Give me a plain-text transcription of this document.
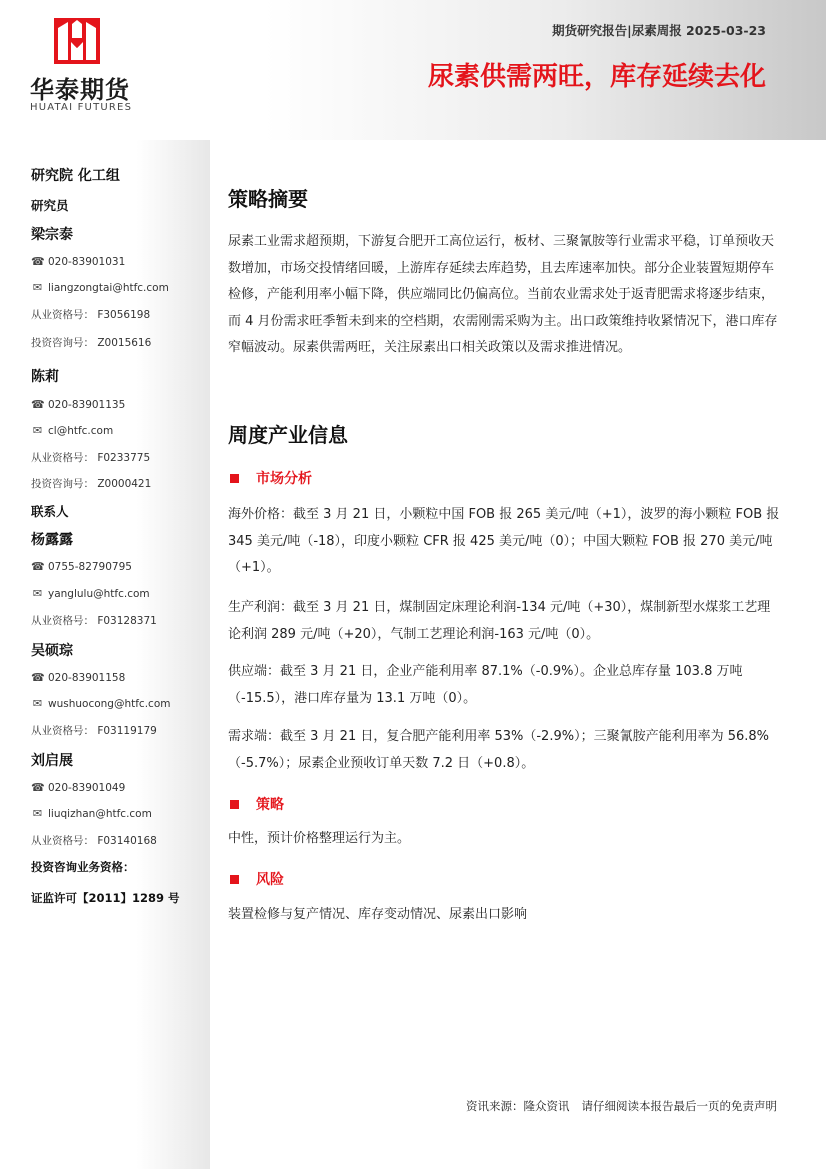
华泰期货
HUATAI FUTURES
期货研究报告|尿素周报 2025-03-23
尿素供需两旺，库存延续去化
研究院 化工组
研究员
梁宗泰
☎ 020-83901031
✉ liangzongtai@htfc.com
从业资格号： F3056198
投资咨询号： Z0015616
陈莉
☎ 020-83901135
✉ cl@htfc.com
从业资格号： F0233775
投资咨询号： Z0000421
联系人
杨露露
☎ 0755-82790795
✉ yanglulu@htfc.com
从业资格号： F03128371
吴硕琮
☎ 020-83901158
✉ wushuocong@htfc.com
从业资格号： F03119179
刘启展
☎ 020-83901049
✉ liuqizhan@htfc.com
从业资格号： F03140168
投资咨询业务资格：
证监许可【2011】1289 号
策略摘要
尿素工业需求超预期，下游复合肥开工高位运行，板材、三聚氰胺等行业需求平稳，订单预收天数增加，市场交投情绪回暖，上游库存延续去库趋势，且去库速率加快。部分企业装置短期停车检修，产能利用率小幅下降，供应端同比仍偏高位。当前农业需求处于返青肥需求将逐步结束，而 4 月份需求旺季暂未到来的空档期，农需刚需采购为主。出口政策维持收紧情况下，港口库存窄幅波动。尿素供需两旺，关注尿素出口相关政策以及需求推进情况。
周度产业信息
市场分析
海外价格：截至 3 月 21 日，小颗粒中国 FOB 报 265 美元/吨（+1），波罗的海小颗粒 FOB 报 345 美元/吨（-18），印度小颗粒 CFR 报 425 美元/吨（0）；中国大颗粒 FOB 报 270 美元/吨（+1）。
生产利润：截至 3 月 21 日，煤制固定床理论利润-134 元/吨（+30），煤制新型水煤浆工艺理论利润 289 元/吨（+20），气制工艺理论利润-163 元/吨（0）。
供应端：截至 3 月 21 日，企业产能利用率 87.1%（-0.9%）。企业总库存量 103.8 万吨（-15.5），港口库存量为 13.1 万吨（0）。
需求端：截至 3 月 21 日，复合肥产能利用率 53%（-2.9%）；三聚氰胺产能利用率为 56.8%（-5.7%）；尿素企业预收订单天数 7.2 日（+0.8）。
策略
中性，预计价格整理运行为主。
风险
装置检修与复产情况、库存变动情况、尿素出口影响
资讯来源：隆众资讯 请仔细阅读本报告最后一页的免责声明
